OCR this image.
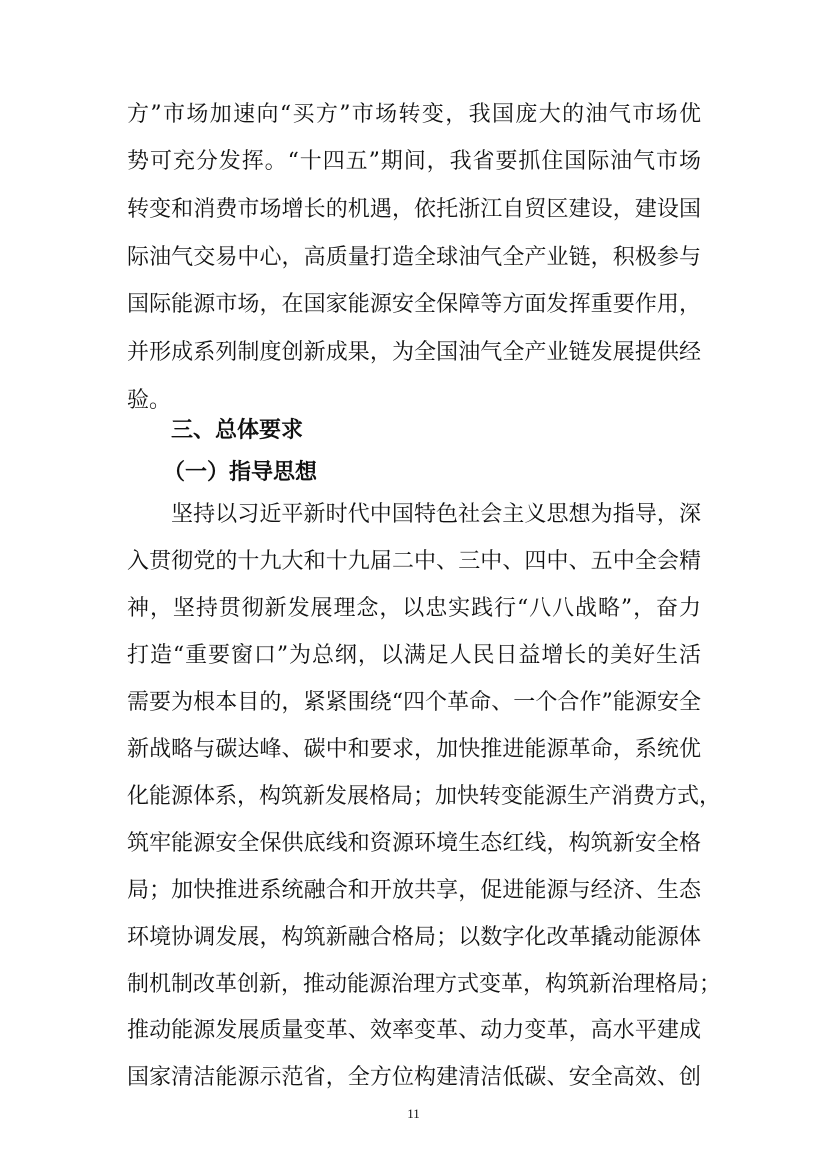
方”市场加速向“买方”市场转变，我国庞大的油气市场优
势可充分发挥。“十四五”期间，我省要抓住国际油气市场
转变和消费市场增长的机遇，依托浙江自贸区建设，建设国
际油气交易中心，高质量打造全球油气全产业链，积极参与
国际能源市场，在国家能源安全保障等方面发挥重要作用，
并形成系列制度创新成果，为全国油气全产业链发展提供经
验。
三、总体要求
（一）指导思想
坚持以习近平新时代中国特色社会主义思想为指导，深
入贯彻党的十九大和十九届二中、三中、四中、五中全会精
神，坚持贯彻新发展理念，以忠实践行“八八战略”，奋力
打造“重要窗口”为总纲，以满足人民日益增长的美好生活
需要为根本目的，紧紧围绕“四个革命、一个合作”能源安全
新战略与碳达峰、碳中和要求，加快推进能源革命，系统优
化能源体系，构筑新发展格局；加快转变能源生产消费方式，
筑牢能源安全保供底线和资源环境生态红线，构筑新安全格
局；加快推进系统融合和开放共享，促进能源与经济、生态
环境协调发展，构筑新融合格局；以数字化改革撬动能源体
制机制改革创新，推动能源治理方式变革，构筑新治理格局；
推动能源发展质量变革、效率变革、动力变革，高水平建成
国家清洁能源示范省，全方位构建清洁低碳、安全高效、创
11
